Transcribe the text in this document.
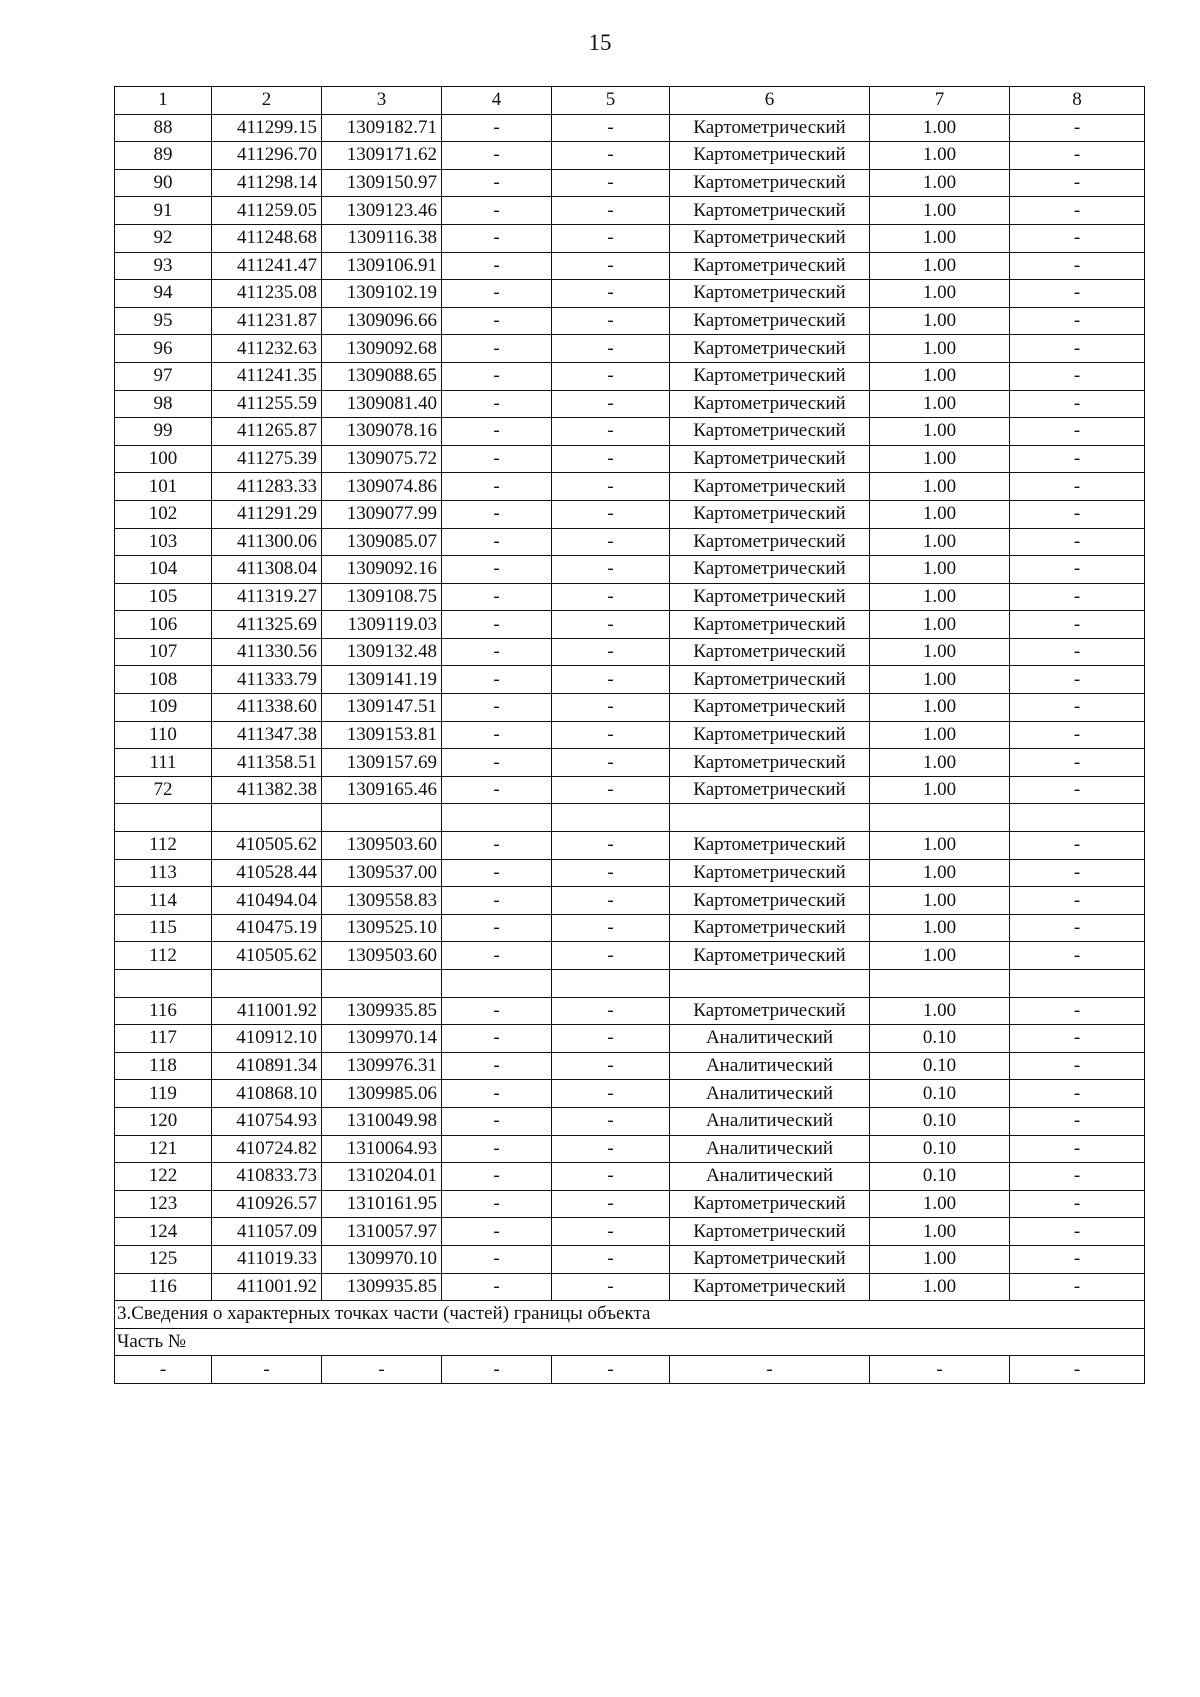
15
1	2	3	4	5	6	7	8
88	411299.15	1309182.71	-	-	Картометрический	1.00	-
89	411296.70	1309171.62	-	-	Картометрический	1.00	-
90	411298.14	1309150.97	-	-	Картометрический	1.00	-
91	411259.05	1309123.46	-	-	Картометрический	1.00	-
92	411248.68	1309116.38	-	-	Картометрический	1.00	-
93	411241.47	1309106.91	-	-	Картометрический	1.00	-
94	411235.08	1309102.19	-	-	Картометрический	1.00	-
95	411231.87	1309096.66	-	-	Картометрический	1.00	-
96	411232.63	1309092.68	-	-	Картометрический	1.00	-
97	411241.35	1309088.65	-	-	Картометрический	1.00	-
98	411255.59	1309081.40	-	-	Картометрический	1.00	-
99	411265.87	1309078.16	-	-	Картометрический	1.00	-
100	411275.39	1309075.72	-	-	Картометрический	1.00	-
101	411283.33	1309074.86	-	-	Картометрический	1.00	-
102	411291.29	1309077.99	-	-	Картометрический	1.00	-
103	411300.06	1309085.07	-	-	Картометрический	1.00	-
104	411308.04	1309092.16	-	-	Картометрический	1.00	-
105	411319.27	1309108.75	-	-	Картометрический	1.00	-
106	411325.69	1309119.03	-	-	Картометрический	1.00	-
107	411330.56	1309132.48	-	-	Картометрический	1.00	-
108	411333.79	1309141.19	-	-	Картометрический	1.00	-
109	411338.60	1309147.51	-	-	Картометрический	1.00	-
110	411347.38	1309153.81	-	-	Картометрический	1.00	-
111	411358.51	1309157.69	-	-	Картометрический	1.00	-
72	411382.38	1309165.46	-	-	Картометрический	1.00	-

112	410505.62	1309503.60	-	-	Картометрический	1.00	-
113	410528.44	1309537.00	-	-	Картометрический	1.00	-
114	410494.04	1309558.83	-	-	Картометрический	1.00	-
115	410475.19	1309525.10	-	-	Картометрический	1.00	-
112	410505.62	1309503.60	-	-	Картометрический	1.00	-

116	411001.92	1309935.85	-	-	Картометрический	1.00	-
117	410912.10	1309970.14	-	-	Аналитический	0.10	-
118	410891.34	1309976.31	-	-	Аналитический	0.10	-
119	410868.10	1309985.06	-	-	Аналитический	0.10	-
120	410754.93	1310049.98	-	-	Аналитический	0.10	-
121	410724.82	1310064.93	-	-	Аналитический	0.10	-
122	410833.73	1310204.01	-	-	Аналитический	0.10	-
123	410926.57	1310161.95	-	-	Картометрический	1.00	-
124	411057.09	1310057.97	-	-	Картометрический	1.00	-
125	411019.33	1309970.10	-	-	Картометрический	1.00	-
116	411001.92	1309935.85	-	-	Картометрический	1.00	-
3.Сведения о характерных точках части (частей) границы объекта							
Часть №							
-	-	-	-	-	-	-	-
